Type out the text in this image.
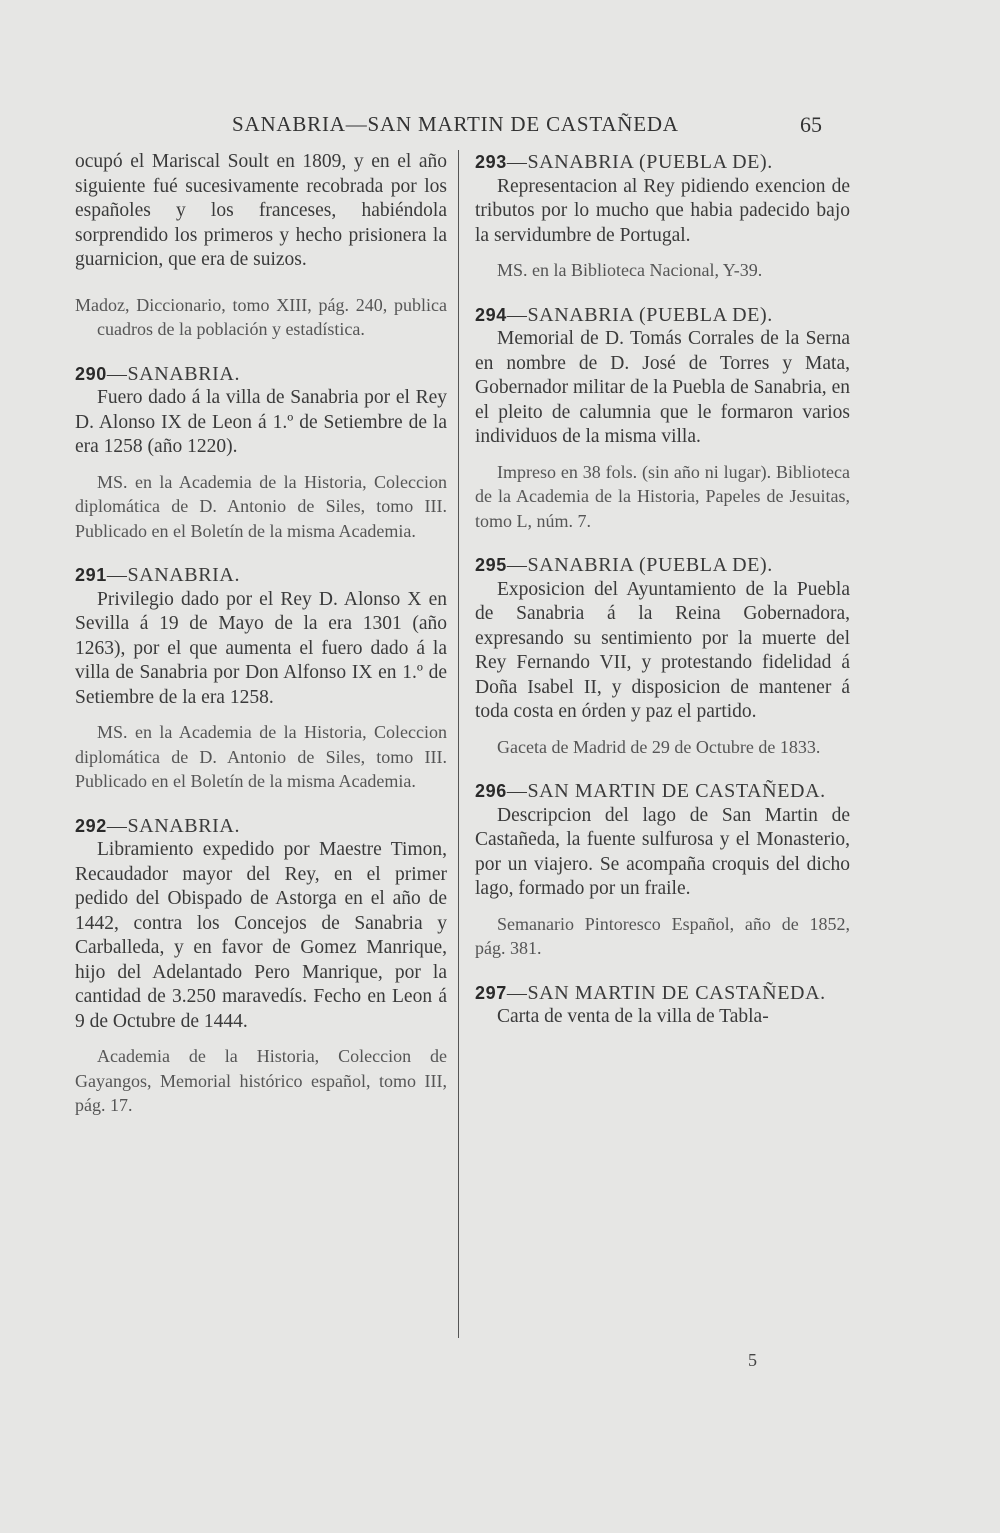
SANABRIA—SAN MARTIN DE CASTAÑEDA	65

ocupó el Mariscal Soult en 1809, y en el año siguiente fué sucesivamente recobrada por los españoles y los franceses, habiéndola sorprendido los primeros y hecho prisionera la guarnicion, que era de suizos.

Madoz, Diccionario, tomo XIII, pág. 240, publica cuadros de la población y estadística.

290—SANABRIA.

Fuero dado á la villa de Sanabria por el Rey D. Alonso IX de Leon á 1.º de Setiembre de la era 1258 (año 1220).

MS. en la Academia de la Historia, Coleccion diplomática de D. Antonio de Siles, tomo III. Publicado en el Boletín de la misma Academia.

291—SANABRIA.

Privilegio dado por el Rey D. Alonso X en Sevilla á 19 de Mayo de la era 1301 (año 1263), por el que aumenta el fuero dado á la villa de Sanabria por Don Alfonso IX en 1.º de Setiembre de la era 1258.

MS. en la Academia de la Historia, Coleccion diplomática de D. Antonio de Siles, tomo III. Publicado en el Boletín de la misma Academia.

292—SANABRIA.

Libramiento expedido por Maestre Timon, Recaudador mayor del Rey, en el primer pedido del Obispado de Astorga en el año de 1442, contra los Concejos de Sanabria y Carballeda, y en favor de Gomez Manrique, hijo del Adelantado Pero Manrique, por la cantidad de 3.250 maravedís. Fecho en Leon á 9 de Octubre de 1444.

Academia de la Historia, Coleccion de Gayangos, Memorial histórico español, tomo III, pág. 17.

293—SANABRIA (PUEBLA DE).

Representacion al Rey pidiendo exencion de tributos por lo mucho que habia padecido bajo la servidumbre de Portugal.

MS. en la Biblioteca Nacional, Y-39.

294—SANABRIA (PUEBLA DE).

Memorial de D. Tomás Corrales de la Serna en nombre de D. José de Torres y Mata, Gobernador militar de la Puebla de Sanabria, en el pleito de calumnia que le formaron varios individuos de la misma villa.

Impreso en 38 fols. (sin año ni lugar). Biblioteca de la Academia de la Historia, Papeles de Jesuitas, tomo L, núm. 7.

295—SANABRIA (PUEBLA DE).

Exposicion del Ayuntamiento de la Puebla de Sanabria á la Reina Gobernadora, expresando su sentimiento por la muerte del Rey Fernando VII, y protestando fidelidad á Doña Isabel II, y disposicion de mantener á toda costa en órden y paz el partido.

Gaceta de Madrid de 29 de Octubre de 1833.

296—SAN MARTIN DE CASTAÑEDA.

Descripcion del lago de San Martin de Castañeda, la fuente sulfurosa y el Monasterio, por un viajero. Se acompaña croquis del dicho lago, formado por un fraile.

Semanario Pintoresco Español, año de 1852, pág. 381.

297—SAN MARTIN DE CASTAÑEDA.

Carta de venta de la villa de Tabla-

5
